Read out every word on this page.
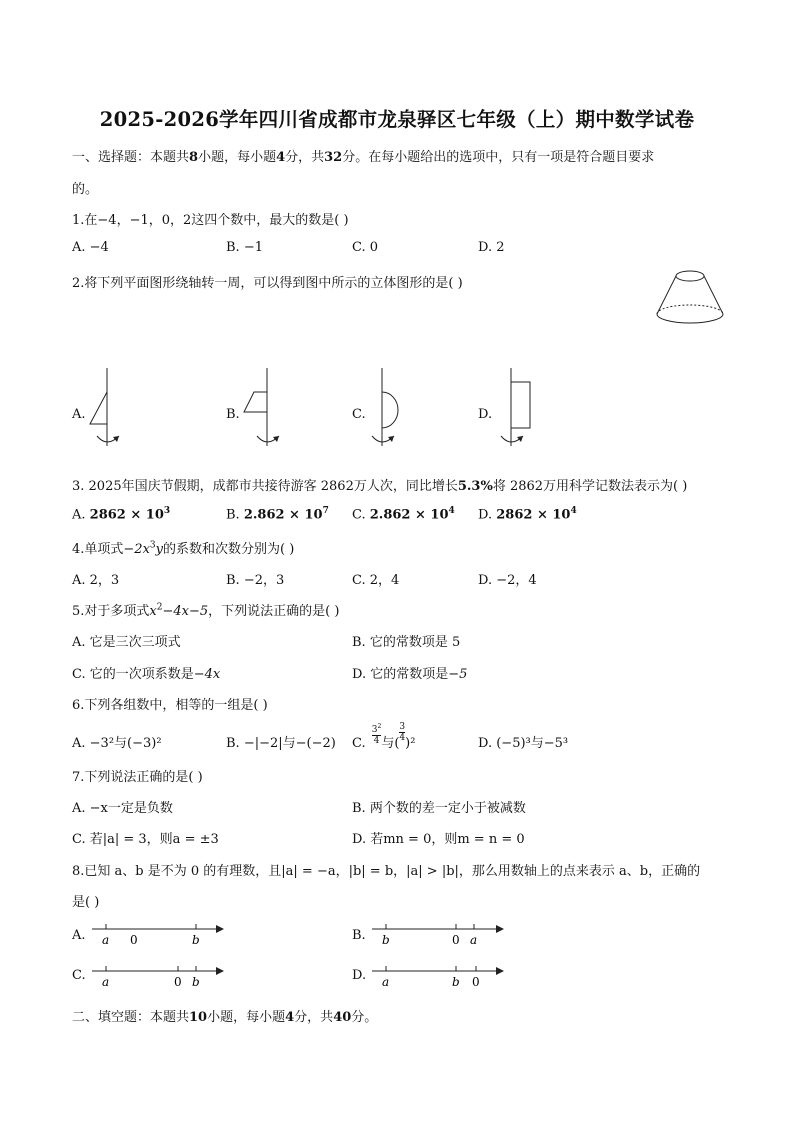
2025-2026学年四川省成都市龙泉驿区七年级（上）期中数学试卷
一、选择题：本题共8小题，每小题4分，共32分。在每小题给出的选项中，只有一项是符合题目要求
的。
1.在−4，−1，0，2这四个数中，最大的数是( )
A. −4	B. −1	C. 0	D. 2
2.将下列平面图形绕轴转一周，可以得到图中所示的立体图形的是( )
A.	B.	C.	D.
3. 2025年国庆节假期，成都市共接待游客 2862万人次，同比增长5.3%将 2862万用科学记数法表示为( )
A. $2862 \times 10^3$	B. $2.862 \times 10^7$ C. $2.862 \times 10^4$ D. $2862 \times 10^4$
4.单项式$-2x^3y$的系数和次数分别为( )
A. 2，3	B. −2，3	C. 2，4	D. −2，4
5.对于多项式$x^2-4x-5$，下列说法正确的是( )
A. 它是三次三项式	B. 它的常数项是 5
C. 它的一次项系数是−4x	D. 它的常数项是−5
6.下列各组数中，相等的一组是( )
A. −3²与(−3)²	B. −|−2|与−(−2) C. $\frac{3^2}{4}$ 与(
$\frac{3}{4}$
)²	D. (−5)³与−5³
7.下列说法正确的是( )
A. −x一定是负数	B. 两个数的差一定小于被减数
C. 若|a| = 3，则a = ±3	D. 若mn = 0，则m = n = 0
8.已知 a、b 是不为 0 的有理数，且|a| = −a，|b| = b，|a| > |b|，那么用数轴上的点来表示 a、b，正确的
是( )
A. a 0	b	B. b	0 a
C. a	0 b	D. a	b 0
二、填空题：本题共10小题，每小题4分，共40分。
